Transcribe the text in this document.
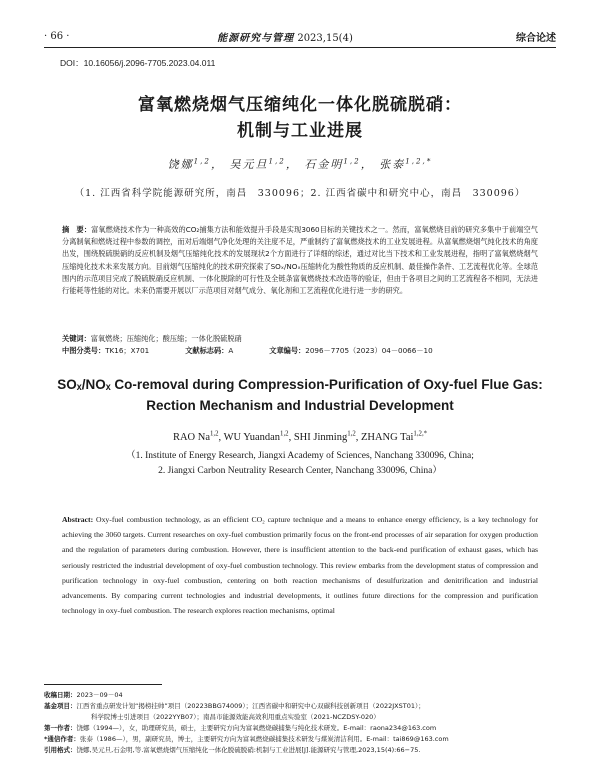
· 66 ·	能源研究与管理 2023,15(4)	综合论述
DOI：10.16056/j.2096-7705.2023.04.011
富氧燃烧烟气压缩纯化一体化脱硫脱硝：
机制与工业进展
饶娜$^{1,2}$， 吴元旦$^{1,2}$， 石金明$^{1,2}$， 张泰$^{1,2,*}$
（1. 江西省科学院能源研究所，南昌　330096；2. 江西省碳中和研究中心，南昌　330096）
摘　要：富氧燃烧技术作为一种高效的CO₂捕集方法和能效提升手段是实现3060目标的关键技术之一。然而，富氧燃烧目前的研究多集中于前端空气分离制氧和燃烧过程中参数的调控，而对后端烟气净化处理的关注度不足，严重制约了富氧燃烧技术的工业发展进程。从富氧燃烧烟气纯化技术的角度出发，围绕脱硫脱硝的反应机制及烟气压缩纯化技术的发展现状2个方面进行了详细的综述，通过对比当下技术和工业发展进程，指明了富氧燃烧烟气压缩纯化技术未来发展方向。目前烟气压缩纯化的技术研究探索了SOₓ/NOₓ压缩转化为酸性物质的反应机制、最佳操作条件、工艺流程优化等。全球范围内的示范项目完成了脱硫脱硝反应机制、一体化脱除的可行性及全链条富氧燃烧技术改造等的验证，但由于各项目之间的工艺流程各不相同，无法进行能耗等性能的对比。未来仍需要开展以厂示范项目对烟气成分、氧化剂和工艺流程优化进行进一步的研究。
关键词：富氧燃烧；压缩纯化；酸压缩；一体化脱硫脱硝
中图分类号：TK16；X701	文献标志码：A	文章编号：2096－7705（2023）04－0066－10
SOₓ/NOₓ Co-removal during Compression-Purification of Oxy-fuel Flue Gas:
Rection Mechanism and Industrial Development
RAO Na$^{1,2}$, WU Yuandan$^{1,2}$, SHI Jinming$^{1,2}$, ZHANG Tai$^{1,2,*}$
（1. Institute of Energy Research, Jiangxi Academy of Sciences, Nanchang 330096, China;
2. Jiangxi Carbon Neutrality Research Center, Nanchang 330096, China）
Abstract: Oxy-fuel combustion technology, as an efficient CO₂ capture technique and a means to enhance energy efficiency, is a key technology for achieving the 3060 targets. Current researches on oxy-fuel combustion primarily focus on the front-end processes of air separation for oxygen production and the regulation of parameters during combustion. However, there is insufficient attention to the back-end purification of exhaust gases, which has seriously restricted the industrial development of oxy-fuel combustion technology. This review embarks from the development status of compression and purification technology in oxy-fuel combustion, centering on both reaction mechanisms of desulfurization and denitrification and industrial advancements. By comparing current technologies and industrial developments, it outlines future directions for the compression and purification technology in oxy-fuel combustion. The research explores reaction mechanisms, optimal
收稿日期：2023－09－04
基金项目：江西省重点研发计划“揭榜挂帅”项目（20223BBG74009）；江西省碳中和研究中心双碳科技创新项目（2022JXST01）；
科学院博士引进项目（2022YYB07）；南昌市能源效能高效利用重点实验室（2021-NCZDSY-020）
第一作者：饶娜（1994—），女，助理研究员，硕士，主要研究方向为富氧燃烧碳捕集与纯化技术研发。E-mail：raona234@163.com
*通信作者：张泰（1986—），男，副研究员，博士，主要研究方向为富氧燃烧碳捕集技术研发与煤炭清洁利用。E-mail：tai869@163.com
引用格式：饶娜,吴元旦,石金明,等.富氧燃烧烟气压缩纯化一体化脱硫脱硝:机制与工业进展[J].能源研究与管理,2023,15(4):66−75.
